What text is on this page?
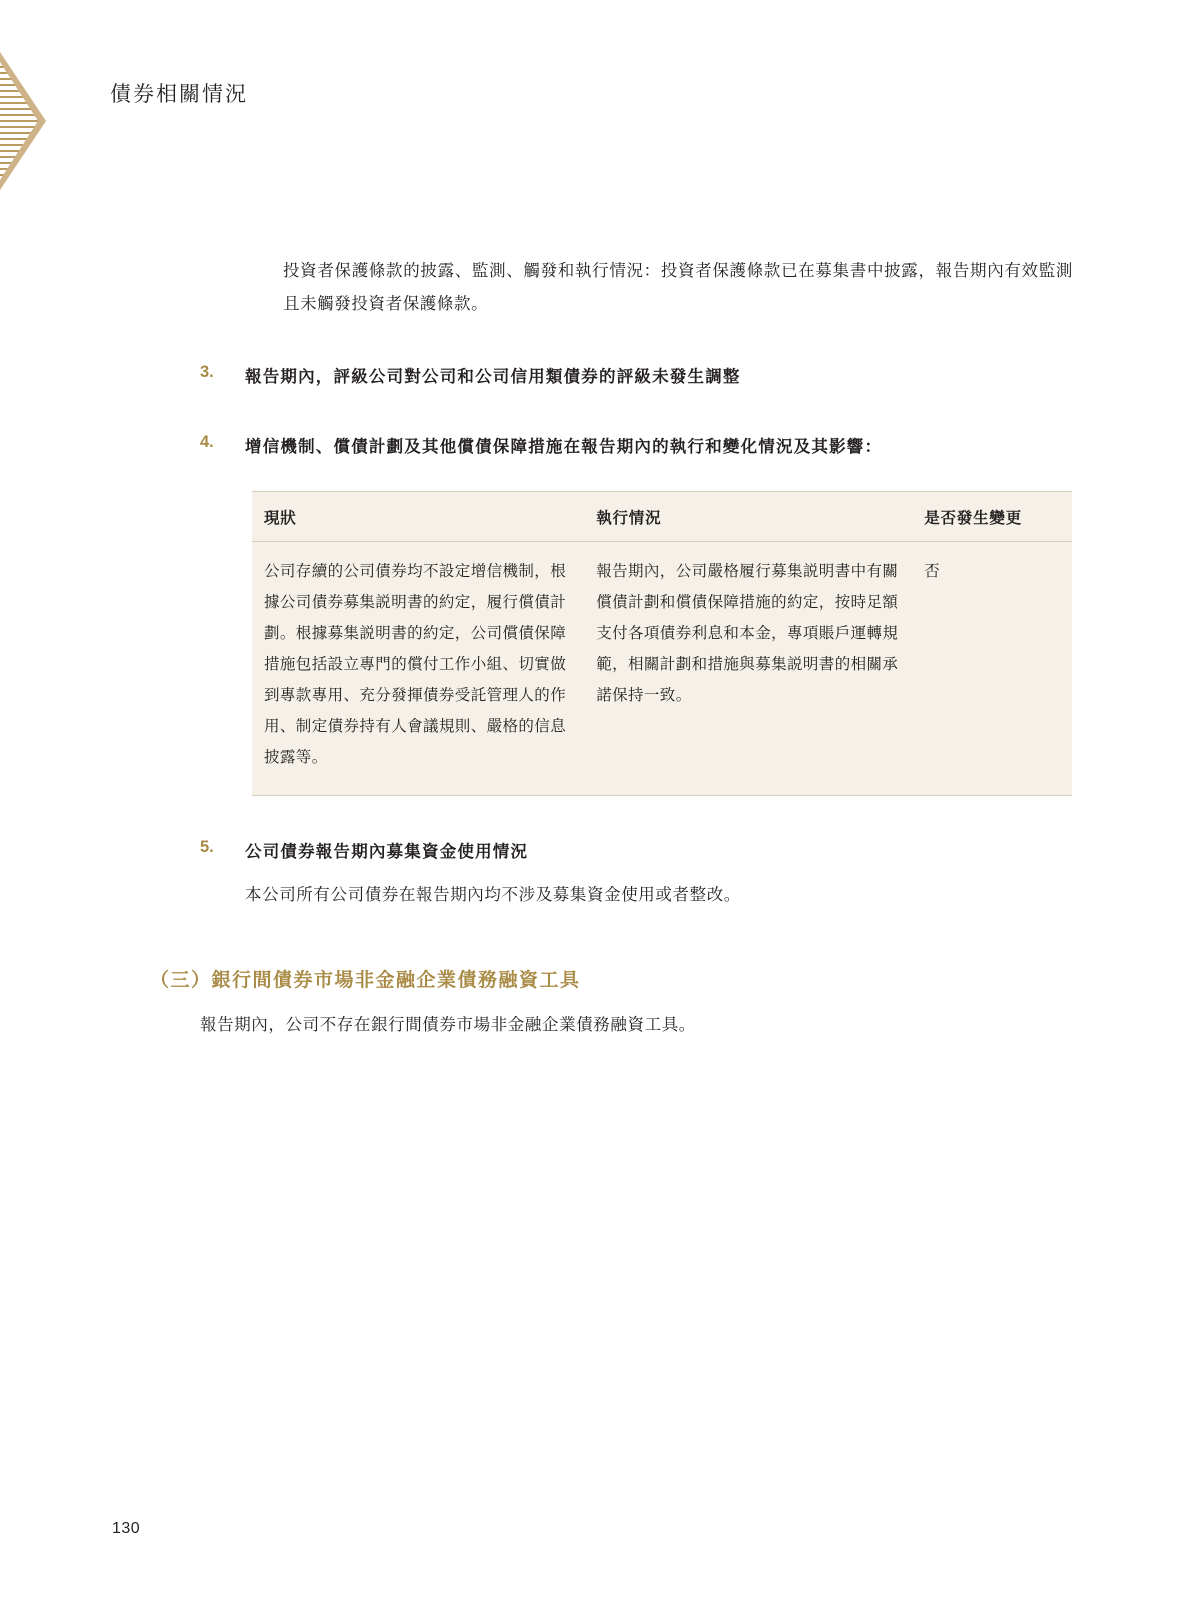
債券相關情況
投資者保護條款的披露、監測、觸發和執行情況：投資者保護條款已在募集書中披露，報告期內有效監測且未觸發投資者保護條款。
3. 報告期內，評級公司對公司和公司信用類債券的評級未發生調整
4. 增信機制、償債計劃及其他償債保障措施在報告期內的執行和變化情況及其影響：
現狀	執行情況	是否發生變更
公司存續的公司債券均不設定增信機制，根據公司債券募集説明書的約定，履行償債計劃。根據募集説明書的約定，公司償債保障措施包括設立專門的償付工作小組、切實做到專款專用、充分發揮債券受託管理人的作用、制定債券持有人會議規則、嚴格的信息披露等。	報告期內，公司嚴格履行募集説明書中有關償債計劃和償債保障措施的約定，按時足額支付各項債券利息和本金，專項賬戶運轉規範，相關計劃和措施與募集説明書的相關承諾保持一致。	否
5. 公司債券報告期內募集資金使用情況
本公司所有公司債券在報告期內均不涉及募集資金使用或者整改。
（三）銀行間債券市場非金融企業債務融資工具
報告期內，公司不存在銀行間債券市場非金融企業債務融資工具。
130
